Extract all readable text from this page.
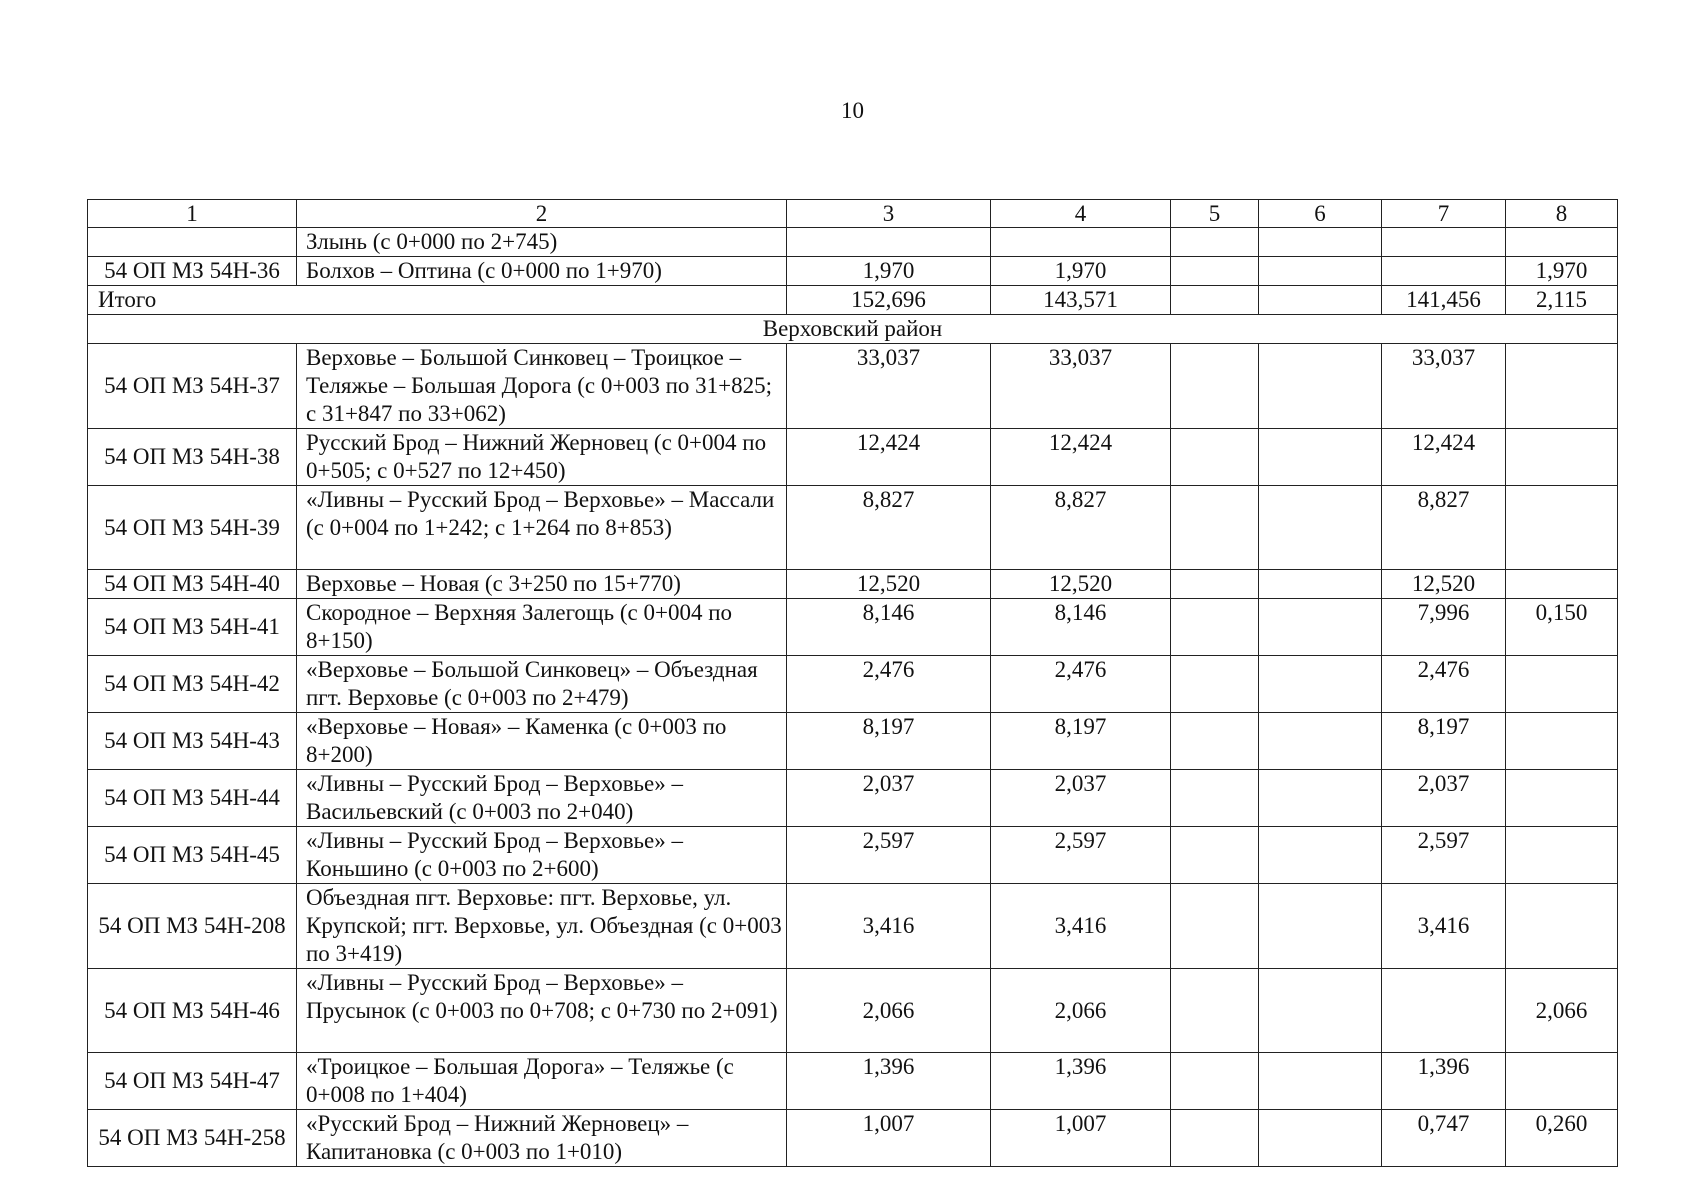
10
1	2	3	4	5	6	7	8
	Злынь (с 0+000 по 2+745)						
54 ОП МЗ 54Н-36	Болхов – Оптина (с 0+000 по 1+970)	1,970	1,970				1,970
Итого		152,696	143,571			141,456	2,115
Верховский район							
54 ОП МЗ 54Н-37	Верховье – Большой Синковец – Троицкое – Теляжье – Большая Дорога (с 0+003 по 31+825; с 31+847 по 33+062)	33,037	33,037			33,037	
54 ОП МЗ 54Н-38	Русский Брод – Нижний Жерновец (с 0+004 по 0+505; с 0+527 по 12+450)	12,424	12,424			12,424	
54 ОП МЗ 54Н-39	«Ливны – Русский Брод – Верховье» – Массали (с 0+004 по 1+242; с 1+264 по 8+853)	8,827	8,827			8,827	
54 ОП МЗ 54Н-40	Верховье – Новая (с 3+250 по 15+770)	12,520	12,520			12,520	
54 ОП МЗ 54Н-41	Скородное – Верхняя Залегощь (с 0+004 по 8+150)	8,146	8,146			7,996	0,150
54 ОП МЗ 54Н-42	«Верховье – Большой Синковец» – Объездная пгт. Верховье (с 0+003 по 2+479)	2,476	2,476			2,476	
54 ОП МЗ 54Н-43	«Верховье – Новая» – Каменка (с 0+003 по 8+200)	8,197	8,197			8,197	
54 ОП МЗ 54Н-44	«Ливны – Русский Брод – Верховье» – Васильевский (с 0+003 по 2+040)	2,037	2,037			2,037	
54 ОП МЗ 54Н-45	«Ливны – Русский Брод – Верховье» – Коньшино (с 0+003 по 2+600)	2,597	2,597			2,597	
54 ОП МЗ 54Н-208	Объездная пгт. Верховье: пгт. Верховье, ул. Крупской; пгт. Верховье, ул. Объездная (с 0+003 по 3+419)	3,416	3,416			3,416	
54 ОП МЗ 54Н-46	«Ливны – Русский Брод – Верховье» – Прусынок (с 0+003 по 0+708; с 0+730 по 2+091)	2,066	2,066				2,066
54 ОП МЗ 54Н-47	«Троицкое – Большая Дорога» – Теляжье (с 0+008 по 1+404)	1,396	1,396			1,396	
54 ОП МЗ 54Н-258	«Русский Брод – Нижний Жерновец» – Капитановка (с 0+003 по 1+010)	1,007	1,007			0,747	0,260
